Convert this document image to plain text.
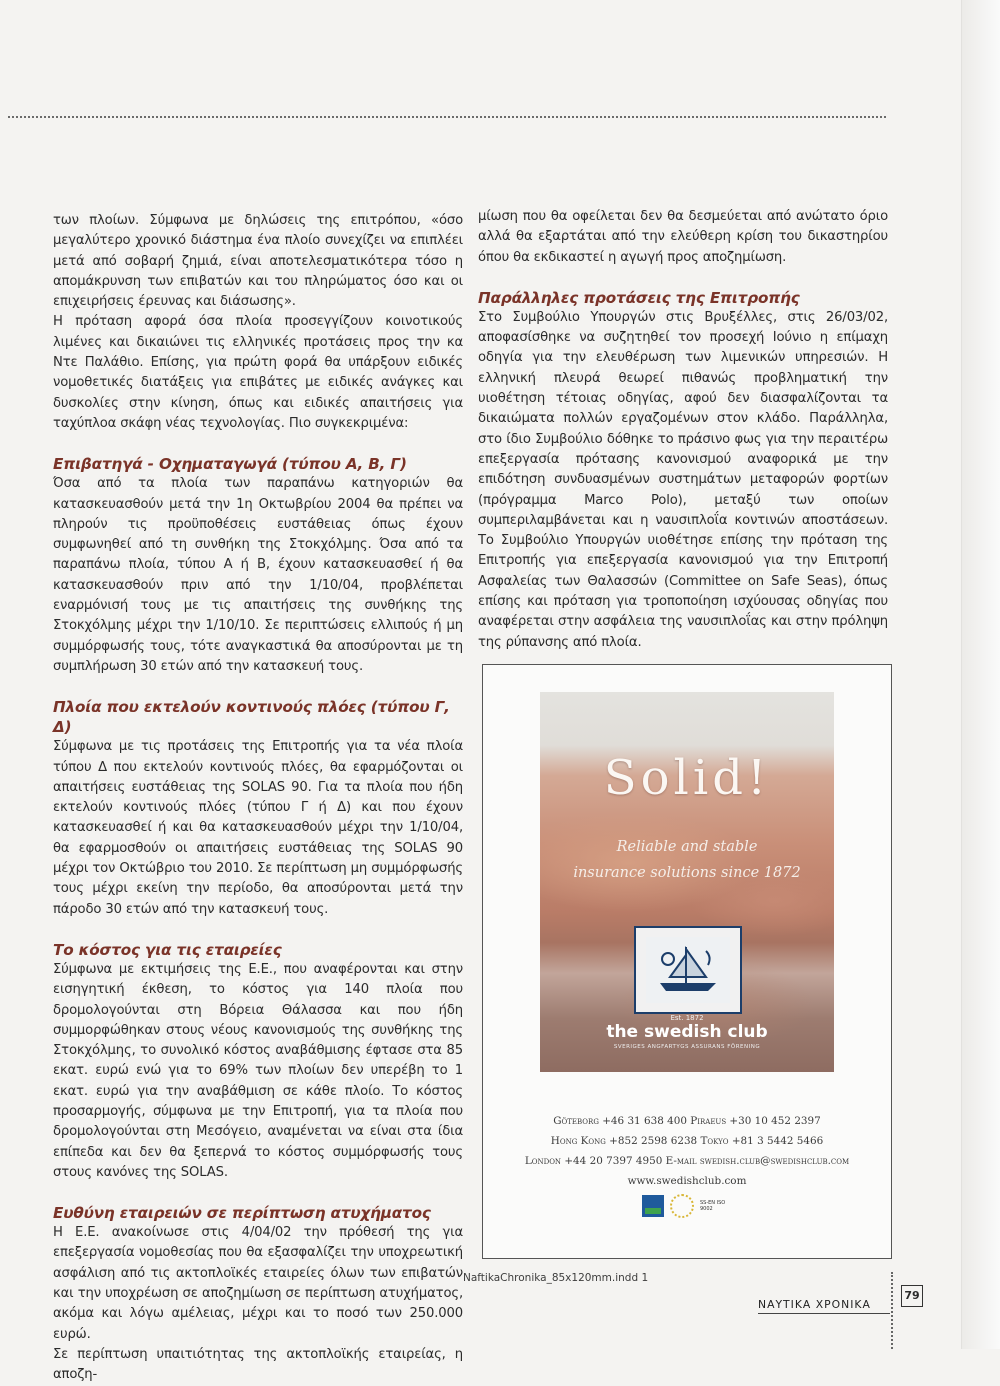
των πλοίων. Σύμφωνα με δηλώσεις της επιτρόπου, «όσο μεγαλύτερο χρονικό διάστημα ένα πλοίο συνεχίζει να επιπλέει μετά από σοβαρή ζημιά, είναι αποτελεσματικότερα τόσο η απομάκρυνση των επιβατών και του πληρώματος όσο και οι επιχειρήσεις έρευνας και διάσωσης».

Η πρόταση αφορά όσα πλοία προσεγγίζουν κοινοτικούς λιμένες και δικαιώνει τις ελληνικές προτάσεις προς την κα Ντε Παλάθιο. Επίσης, για πρώτη φορά θα υπάρξουν ειδικές νομοθετικές διατάξεις για επιβάτες με ειδικές ανάγκες και δυσκολίες στην κίνηση, όπως και ειδικές απαιτήσεις για ταχύπλοα σκάφη νέας τεχνολογίας. Πιο συγκεκριμένα:

Επιβατηγά - Οχηματαγωγά (τύπου Α, Β, Γ)

Όσα από τα πλοία των παραπάνω κατηγοριών θα κατασκευασθούν μετά την 1η Οκτωβρίου 2004 θα πρέπει να πληρούν τις προϋποθέσεις ευστάθειας όπως έχουν συμφωνηθεί από τη συνθήκη της Στοκχόλμης. Όσα από τα παραπάνω πλοία, τύπου Α ή Β, έχουν κατασκευασθεί ή θα κατασκευασθούν πριν από την 1/10/04, προβλέπεται εναρμόνισή τους με τις απαιτήσεις της συνθήκης της Στοκχόλμης μέχρι την 1/10/10. Σε περιπτώσεις ελλιπούς ή μη συμμόρφωσής τους, τότε αναγκαστικά θα αποσύρονται με τη συμπλήρωση 30 ετών από την κατασκευή τους.

Πλοία που εκτελούν κοντινούς πλόες (τύπου Γ, Δ)

Σύμφωνα με τις προτάσεις της Επιτροπής για τα νέα πλοία τύπου Δ που εκτελούν κοντινούς πλόες, θα εφαρμόζονται οι απαιτήσεις ευστάθειας της SOLAS 90. Για τα πλοία που ήδη εκτελούν κοντινούς πλόες (τύπου Γ ή Δ) και που έχουν κατασκευασθεί ή και θα κατασκευασθούν μέχρι την 1/10/04, θα εφαρμοσθούν οι απαιτήσεις ευστάθειας της SOLAS 90 μέχρι τον Οκτώβριο του 2010. Σε περίπτωση μη συμμόρφωσής τους μέχρι εκείνη την περίοδο, θα αποσύρονται μετά την πάροδο 30 ετών από την κατασκευή τους.

Το κόστος για τις εταιρείες

Σύμφωνα με εκτιμήσεις της Ε.Ε., που αναφέρονται και στην εισηγητική έκθεση, το κόστος για 140 πλοία που δρομολογούνται στη Βόρεια Θάλασσα και που ήδη συμμορφώθηκαν στους νέους κανονισμούς της συνθήκης της Στοκχόλμης, το συνολικό κόστος αναβάθμισης έφτασε στα 85 εκατ. ευρώ ενώ για το 69% των πλοίων δεν υπερέβη το 1 εκατ. ευρώ για την αναβάθμιση σε κάθε πλοίο. Το κόστος προσαρμογής, σύμφωνα με την Επιτροπή, για τα πλοία που δρομολογούνται στη Μεσόγειο, αναμένεται να είναι στα ίδια επίπεδα και δεν θα ξεπερνά το κόστος συμμόρφωσής τους στους κανόνες της SOLAS.

Ευθύνη εταιρειών σε περίπτωση ατυχήματος

Η Ε.Ε. ανακοίνωσε στις 4/04/02 την πρόθεσή της για επεξεργασία νομοθεσίας που θα εξασφαλίζει την υποχρεωτική ασφάλιση από τις ακτοπλοϊκές εταιρείες όλων των επιβατών και την υποχρέωση σε αποζημίωση σε περίπτωση ατυχήματος, ακόμα και λόγω αμέλειας, μέχρι και το ποσό των 250.000 ευρώ.

Σε περίπτωση υπαιτιότητας της ακτοπλοϊκής εταιρείας, η αποζη-

μίωση που θα οφείλεται δεν θα δεσμεύεται από ανώτατο όριο αλλά θα εξαρτάται από την ελεύθερη κρίση του δικαστηρίου όπου θα εκδικαστεί η αγωγή προς αποζημίωση.

Παράλληλες προτάσεις της Επιτροπής

Στο Συμβούλιο Υπουργών στις Βρυξέλλες, στις 26/03/02, αποφασίσθηκε να συζητηθεί τον προσεχή Ιούνιο η επίμαχη οδηγία για την ελευθέρωση των λιμενικών υπηρεσιών. Η ελληνική πλευρά θεωρεί πιθανώς προβληματική την υιοθέτηση τέτοιας οδηγίας, αφού δεν διασφαλίζονται τα δικαιώματα πολλών εργαζομένων στον κλάδο. Παράλληλα, στο ίδιο Συμβούλιο δόθηκε το πράσινο φως για την περαιτέρω επεξεργασία πρότασης κανονισμού αναφορικά με την επιδότηση συνδυασμένων συστημάτων μεταφορών φορτίων (πρόγραμμα Marco Polo), μεταξύ των οποίων συμπεριλαμβάνεται και η ναυσιπλοΐα κοντινών αποστάσεων. Το Συμβούλιο Υπουργών υιοθέτησε επίσης την πρόταση της Επιτροπής για επεξεργασία κανονισμού για την Επιτροπή Ασφαλείας των Θαλασσών (Committee on Safe Seas), όπως επίσης και πρόταση για τροποποίηση ισχύουσας οδηγίας που αναφέρεται στην ασφάλεια της ναυσιπλοΐας και στην πρόληψη της ρύπανσης από πλοία.

Solid!
Reliable and stable
insurance solutions since 1872
Est. 1872
the swedish club
SVERIGES ANGFARTYGS ASSURANS FÖRENING
Göteborg +46 31 638 400 Piraeus +30 10 452 2397
Hong Kong +852 2598 6238 Tokyo +81 3 5442 5466
London +44 20 7397 4950 E-mail swedish.club@swedishclub.com
www.swedishclub.com
SS-EN ISO 9002
NaftikaChronika_85x120mm.indd 1
ΝΑΥΤΙΚΑ ΧΡΟΝΙΚΑ
79
